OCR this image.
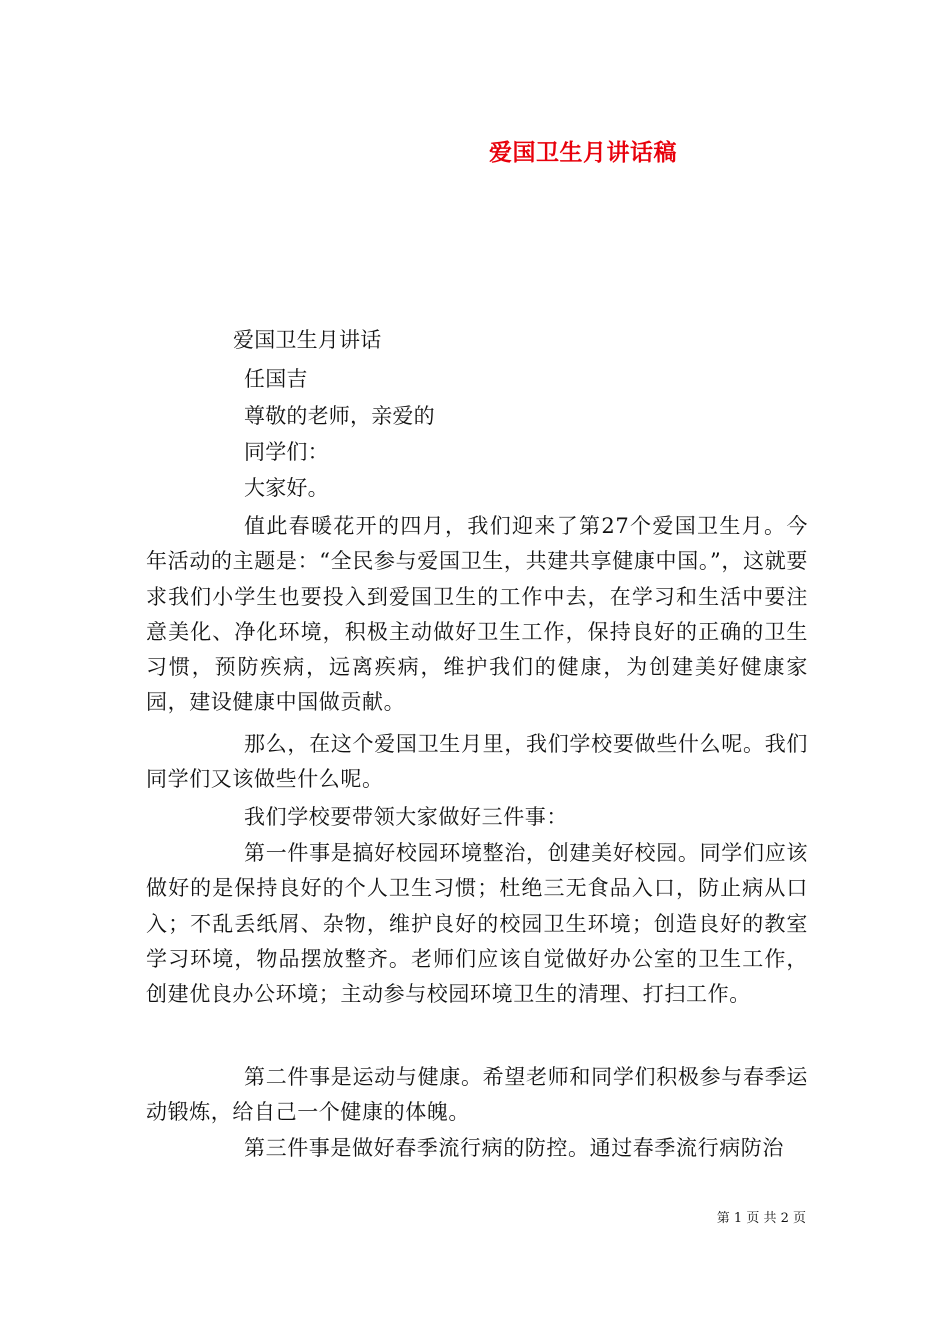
爱国卫生月讲话稿
爱国卫生月讲话
任国吉
尊敬的老师，亲爱的
同学们：
大家好。

值此春暖花开的四月，我们迎来了第27个爱国卫生月。今年活动的主题是：“全民参与爱国卫生，共建共享健康中国。”，这就要求我们小学生也要投入到爱国卫生的工作中去，在学习和生活中要注意美化、净化环境，积极主动做好卫生工作，保持良好的正确的卫生习惯，预防疾病，远离疾病，维护我们的健康，为创建美好健康家园，建设健康中国做贡献。

那么，在这个爱国卫生月里，我们学校要做些什么呢。我们同学们又该做些什么呢。

我们学校要带领大家做好三件事：

第一件事是搞好校园环境整治，创建美好校园。同学们应该做好的是保持良好的个人卫生习惯；杜绝三无食品入口，防止病从口入；不乱丢纸屑、杂物，维护良好的校园卫生环境；创造良好的教室学习环境，物品摆放整齐。老师们应该自觉做好办公室的卫生工作，创建优良办公环境；主动参与校园环境卫生的清理、打扫工作。

第二件事是运动与健康。希望老师和同学们积极参与春季运动锻炼，给自己一个健康的体魄。

第三件事是做好春季流行病的防控。通过春季流行病防治

第 1 页 共 2 页
